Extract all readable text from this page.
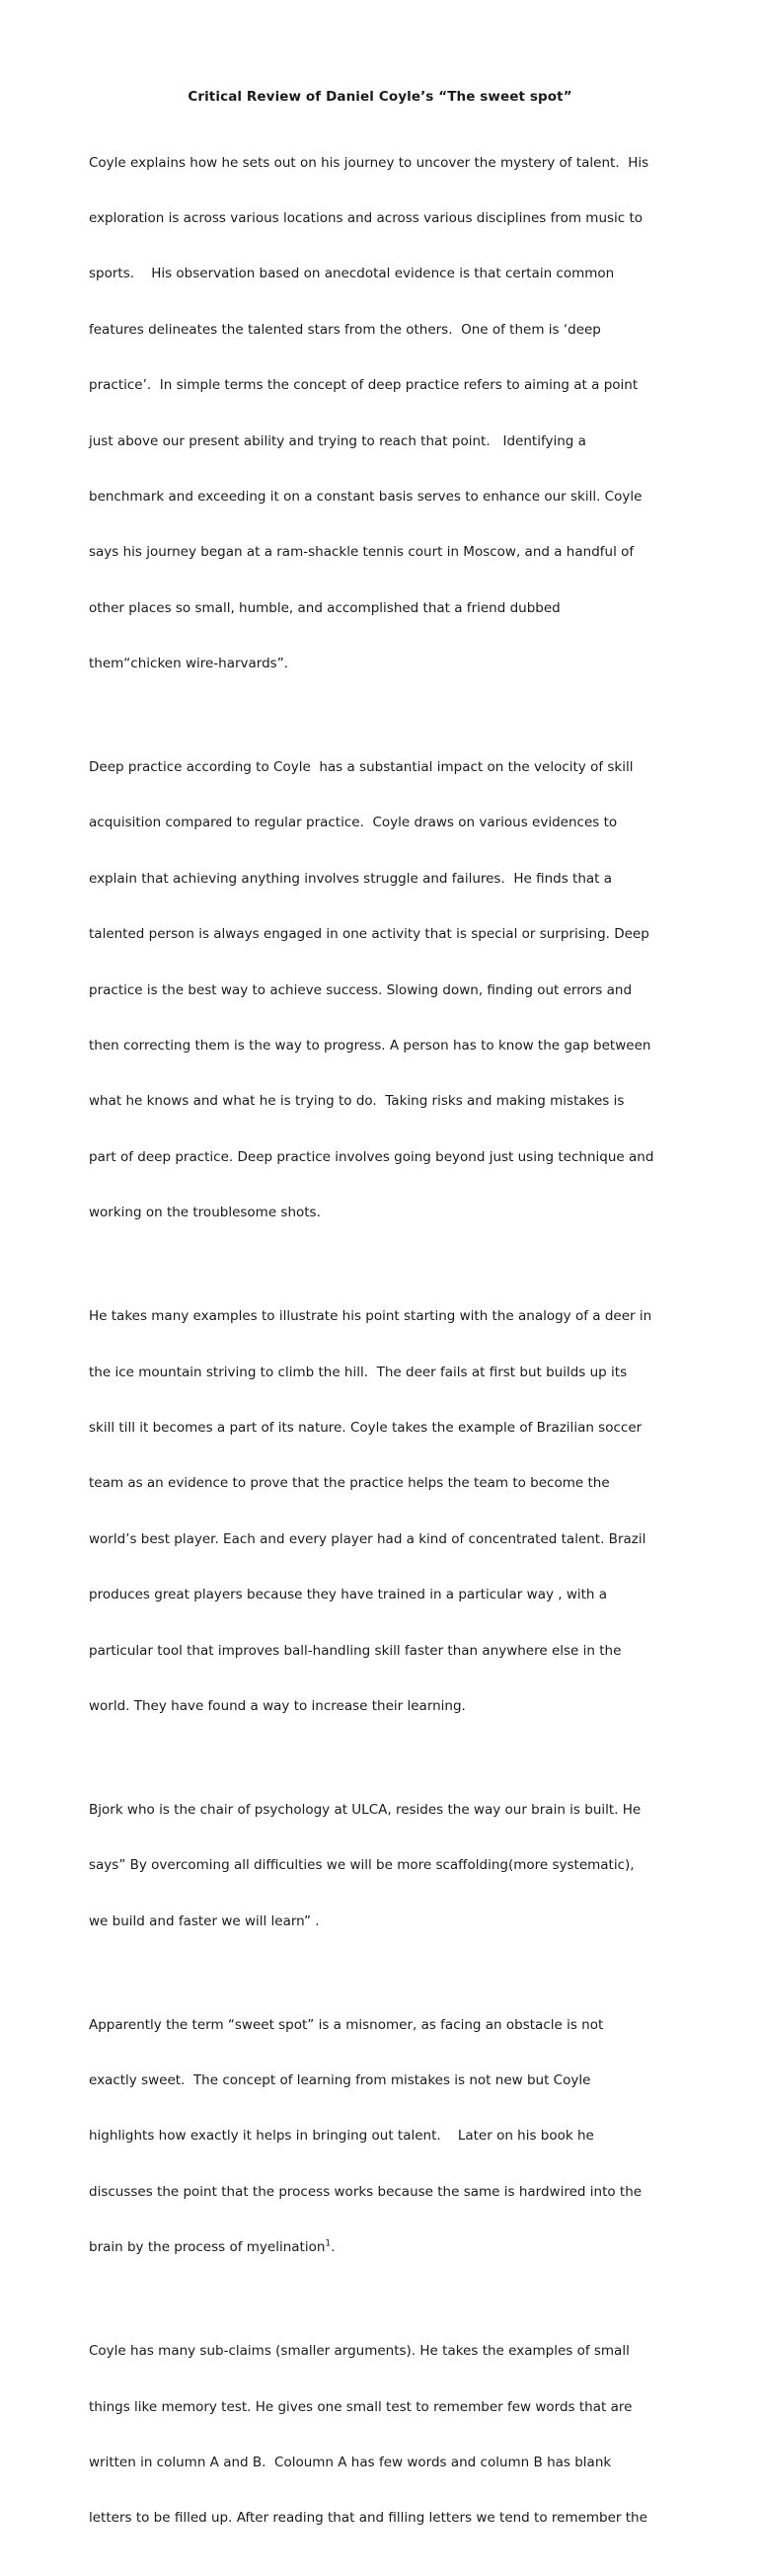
Critical Review of Daniel Coyle’s “The sweet spot”

Coyle explains how he sets out on his journey to uncover the mystery of talent.  His

exploration is across various locations and across various disciplines from music to

sports.    His observation based on anecdotal evidence is that certain common

features delineates the talented stars from the others.  One of them is ‘deep

practice’.  In simple terms the concept of deep practice refers to aiming at a point

just above our present ability and trying to reach that point.   Identifying a

benchmark and exceeding it on a constant basis serves to enhance our skill. Coyle

says his journey began at a ram-shackle tennis court in Moscow, and a handful of

other places so small, humble, and accomplished that a friend dubbed

them“chicken wire-harvards”.

Deep practice according to Coyle  has a substantial impact on the velocity of skill

acquisition compared to regular practice.  Coyle draws on various evidences to

explain that achieving anything involves struggle and failures.  He finds that a

talented person is always engaged in one activity that is special or surprising. Deep

practice is the best way to achieve success. Slowing down, finding out errors and

then correcting them is the way to progress. A person has to know the gap between

what he knows and what he is trying to do.  Taking risks and making mistakes is

part of deep practice. Deep practice involves going beyond just using technique and

working on the troublesome shots.

He takes many examples to illustrate his point starting with the analogy of a deer in

the ice mountain striving to climb the hill.  The deer fails at first but builds up its

skill till it becomes a part of its nature. Coyle takes the example of Brazilian soccer

team as an evidence to prove that the practice helps the team to become the

world’s best player. Each and every player had a kind of concentrated talent. Brazil

produces great players because they have trained in a particular way , with a

particular tool that improves ball-handling skill faster than anywhere else in the

world. They have found a way to increase their learning.

Bjork who is the chair of psychology at ULCA, resides the way our brain is built. He

says” By overcoming all difficulties we will be more scaffolding(more systematic),

we build and faster we will learn” .

Apparently the term “sweet spot” is a misnomer, as facing an obstacle is not

exactly sweet.  The concept of learning from mistakes is not new but Coyle

highlights how exactly it helps in bringing out talent.    Later on his book he

discusses the point that the process works because the same is hardwired into the

brain by the process of myelination$^1$.

Coyle has many sub-claims (smaller arguments). He takes the examples of small

things like memory test. He gives one small test to remember few words that are

written in column A and B.  Coloumn A has few words and column B has blank

letters to be filled up. After reading that and filling letters we tend to remember the
